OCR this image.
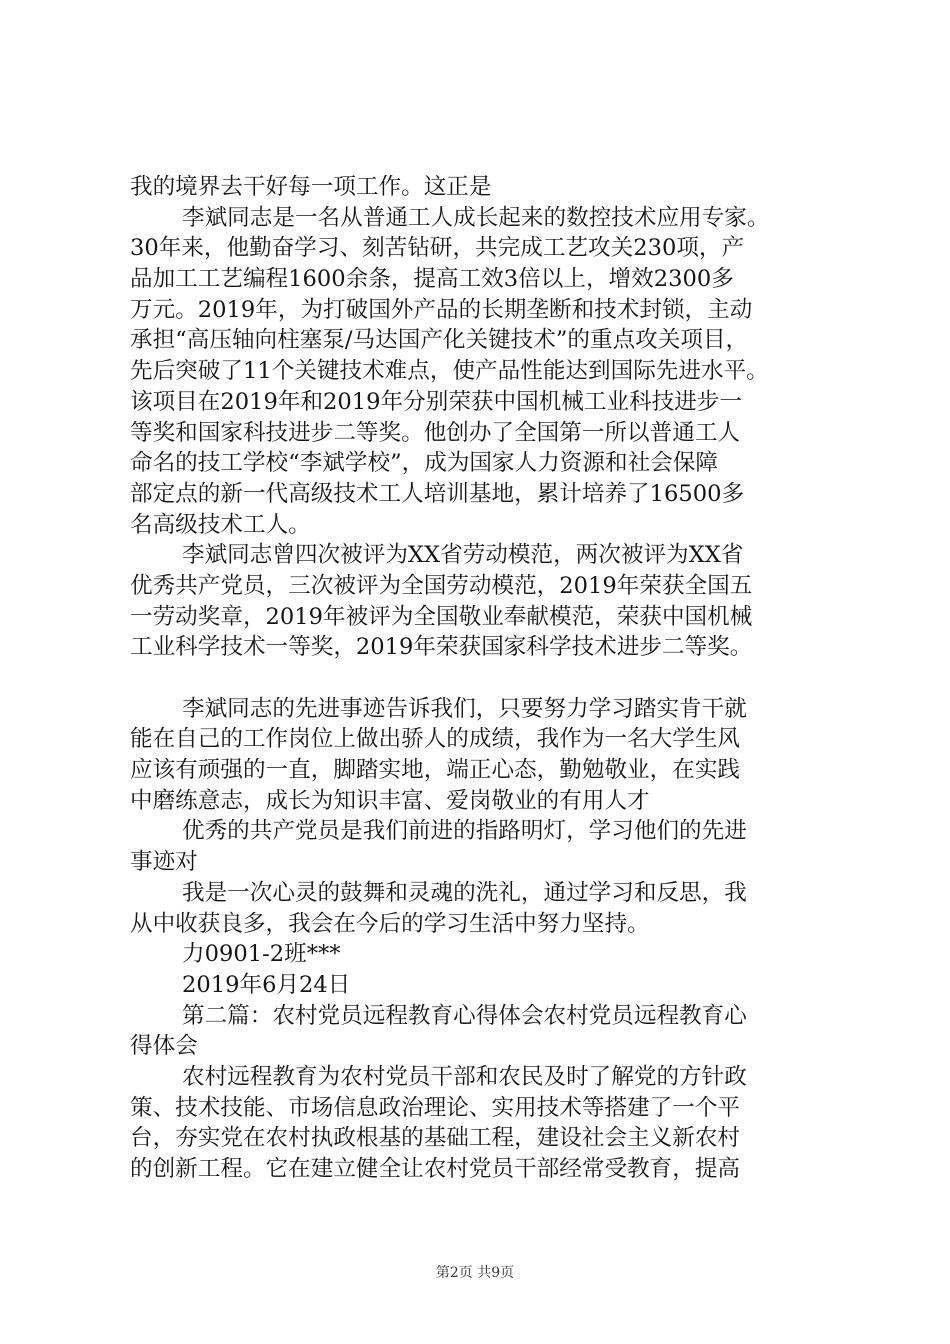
我的境界去干好每一项工作。这正是

李斌同志是一名从普通工人成长起来的数控技术应用专家。

30年来，他勤奋学习、刻苦钻研，共完成工艺攻关230项，产

品加工工艺编程1600余条，提高工效3倍以上，增效2300多

万元。2019年，为打破国外产品的长期垄断和技术封锁，主动

承担“高压轴向柱塞泵/马达国产化关键技术”的重点攻关项目，

先后突破了11个关键技术难点，使产品性能达到国际先进水平。

该项目在2019年和2019年分别荣获中国机械工业科技进步一

等奖和国家科技进步二等奖。他创办了全国第一所以普通工人

命名的技工学校“李斌学校”，成为国家人力资源和社会保障

部定点的新一代高级技术工人培训基地，累计培养了16500多

名高级技术工人。

李斌同志曾四次被评为XX省劳动模范，两次被评为XX省

优秀共产党员，三次被评为全国劳动模范，2019年荣获全国五

一劳动奖章，2019年被评为全国敬业奉献模范，荣获中国机械

工业科学技术一等奖，2019年荣获国家科学技术进步二等奖。

李斌同志的先进事迹告诉我们，只要努力学习踏实肯干就

能在自己的工作岗位上做出骄人的成绩，我作为一名大学生风

应该有顽强的一直，脚踏实地，端正心态，勤勉敬业，在实践

中磨练意志，成长为知识丰富、爱岗敬业的有用人才

优秀的共产党员是我们前进的指路明灯，学习他们的先进

事迹对

我是一次心灵的鼓舞和灵魂的洗礼，通过学习和反思，我

从中收获良多，我会在今后的学习生活中努力坚持。

力0901-2班***

2019年6月24日

第二篇：农村党员远程教育心得体会农村党员远程教育心

得体会

农村远程教育为农村党员干部和农民及时了解党的方针政

策、技术技能、市场信息政治理论、实用技术等搭建了一个平

台，夯实党在农村执政根基的基础工程，建设社会主义新农村

的创新工程。它在建立健全让农村党员干部经常受教育，提高

第2页 共9页
